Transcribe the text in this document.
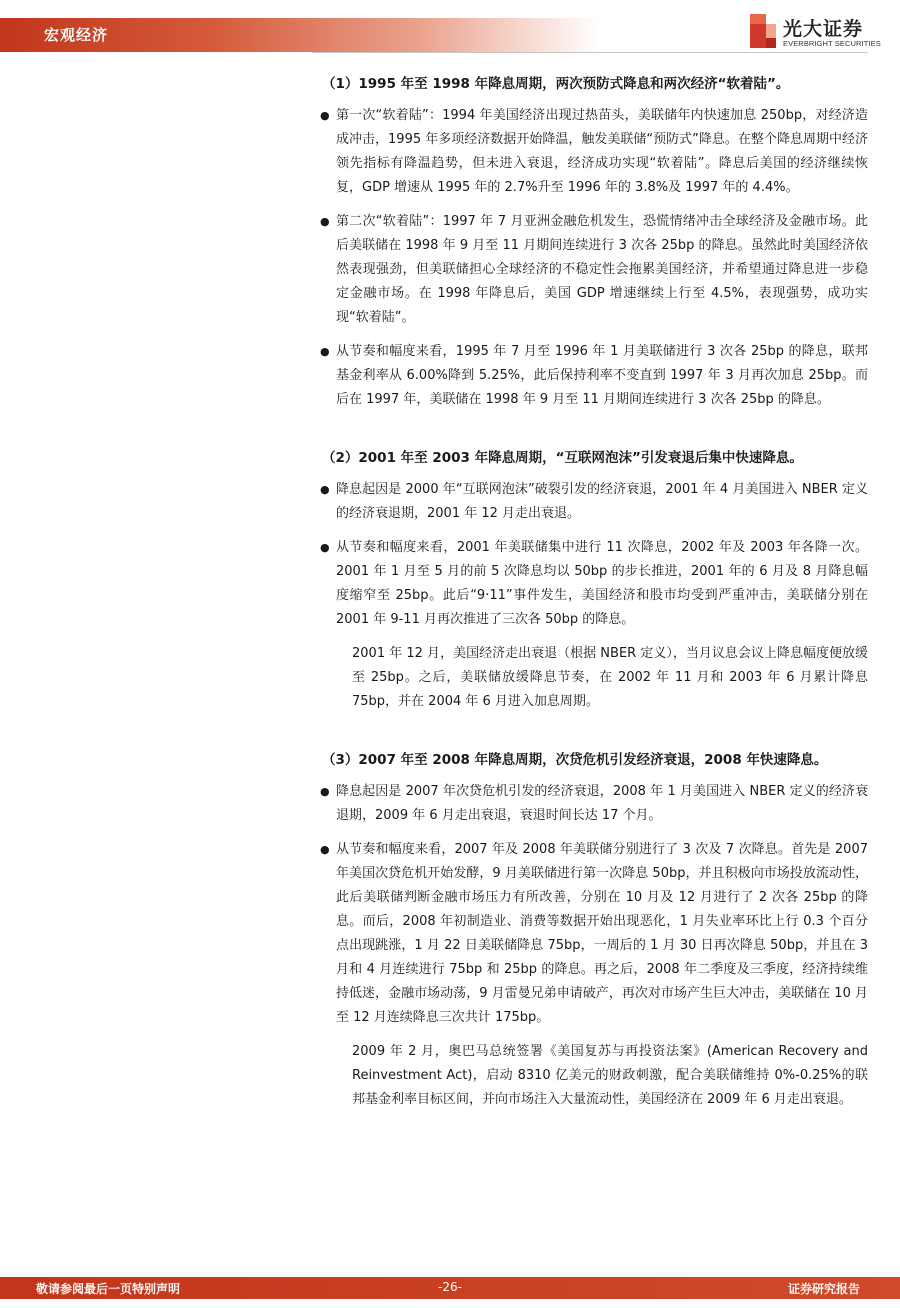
宏观经济	光大证券
EVERBRIGHT SECURITIES
（1）1995 年至 1998 年降息周期，两次预防式降息和两次经济“软着陆”。
● 第一次“软着陆”：1994 年美国经济出现过热苗头，美联储年内快速加息 250bp，对经济造成冲击，1995 年多项经济数据开始降温，触发美联储“预防式”降息。在整个降息周期中经济领先指标有降温趋势，但未进入衰退，经济成功实现“软着陆”。降息后美国的经济继续恢复，GDP 增速从 1995 年的 2.7%升至 1996 年的 3.8%及 1997 年的 4.4%。
● 第二次“软着陆”：1997 年 7 月亚洲金融危机发生，恐慌情绪冲击全球经济及金融市场。此后美联储在 1998 年 9 月至 11 月期间连续进行 3 次各 25bp 的降息。虽然此时美国经济依然表现强劲，但美联储担心全球经济的不稳定性会拖累美国经济，并希望通过降息进一步稳定金融市场。在 1998 年降息后，美国 GDP 增速继续上行至 4.5%，表现强势，成功实现“软着陆”。
● 从节奏和幅度来看，1995 年 7 月至 1996 年 1 月美联储进行 3 次各 25bp 的降息，联邦基金利率从 6.00%降到 5.25%，此后保持利率不变直到 1997 年 3 月再次加息 25bp。而后在 1997 年，美联储在 1998 年 9 月至 11 月期间连续进行 3 次各 25bp 的降息。
（2）2001 年至 2003 年降息周期，“互联网泡沫”引发衰退后集中快速降息。
● 降息起因是 2000 年“互联网泡沫”破裂引发的经济衰退，2001 年 4 月美国进入 NBER 定义的经济衰退期，2001 年 12 月走出衰退。
● 从节奏和幅度来看，2001 年美联储集中进行 11 次降息，2002 年及 2003 年各降一次。2001 年 1 月至 5 月的前 5 次降息均以 50bp 的步长推进，2001 年的 6 月及 8 月降息幅度缩窄至 25bp。此后“9·11”事件发生，美国经济和股市均受到严重冲击，美联储分别在 2001 年 9-11 月再次推进了三次各 50bp 的降息。
2001 年 12 月，美国经济走出衰退（根据 NBER 定义），当月议息会议上降息幅度便放缓至 25bp。之后，美联储放缓降息节奏，在 2002 年 11 月和 2003 年 6 月累计降息 75bp，并在 2004 年 6 月进入加息周期。
（3）2007 年至 2008 年降息周期，次贷危机引发经济衰退，2008 年快速降息。
● 降息起因是 2007 年次贷危机引发的经济衰退，2008 年 1 月美国进入 NBER 定义的经济衰退期，2009 年 6 月走出衰退，衰退时间长达 17 个月。
● 从节奏和幅度来看，2007 年及 2008 年美联储分别进行了 3 次及 7 次降息。首先是 2007 年美国次贷危机开始发酵，9 月美联储进行第一次降息 50bp，并且积极向市场投放流动性，此后美联储判断金融市场压力有所改善，分别在 10 月及 12 月进行了 2 次各 25bp 的降息。而后，2008 年初制造业、消费等数据开始出现恶化，1 月失业率环比上行 0.3 个百分点出现跳涨，1 月 22 日美联储降息 75bp，一周后的 1 月 30 日再次降息 50bp，并且在 3 月和 4 月连续进行 75bp 和 25bp 的降息。再之后，2008 年二季度及三季度，经济持续维持低迷，金融市场动荡，9 月雷曼兄弟申请破产，再次对市场产生巨大冲击，美联储在 10 月至 12 月连续降息三次共计 175bp。
2009 年 2 月，奥巴马总统签署《美国复苏与再投资法案》(American Recovery and Reinvestment Act)，启动 8310 亿美元的财政刺激，配合美联储维持 0%-0.25%的联邦基金利率目标区间，并向市场注入大量流动性，美国经济在 2009 年 6 月走出衰退。
敬请参阅最后一页特别声明	-26-	证券研究报告
